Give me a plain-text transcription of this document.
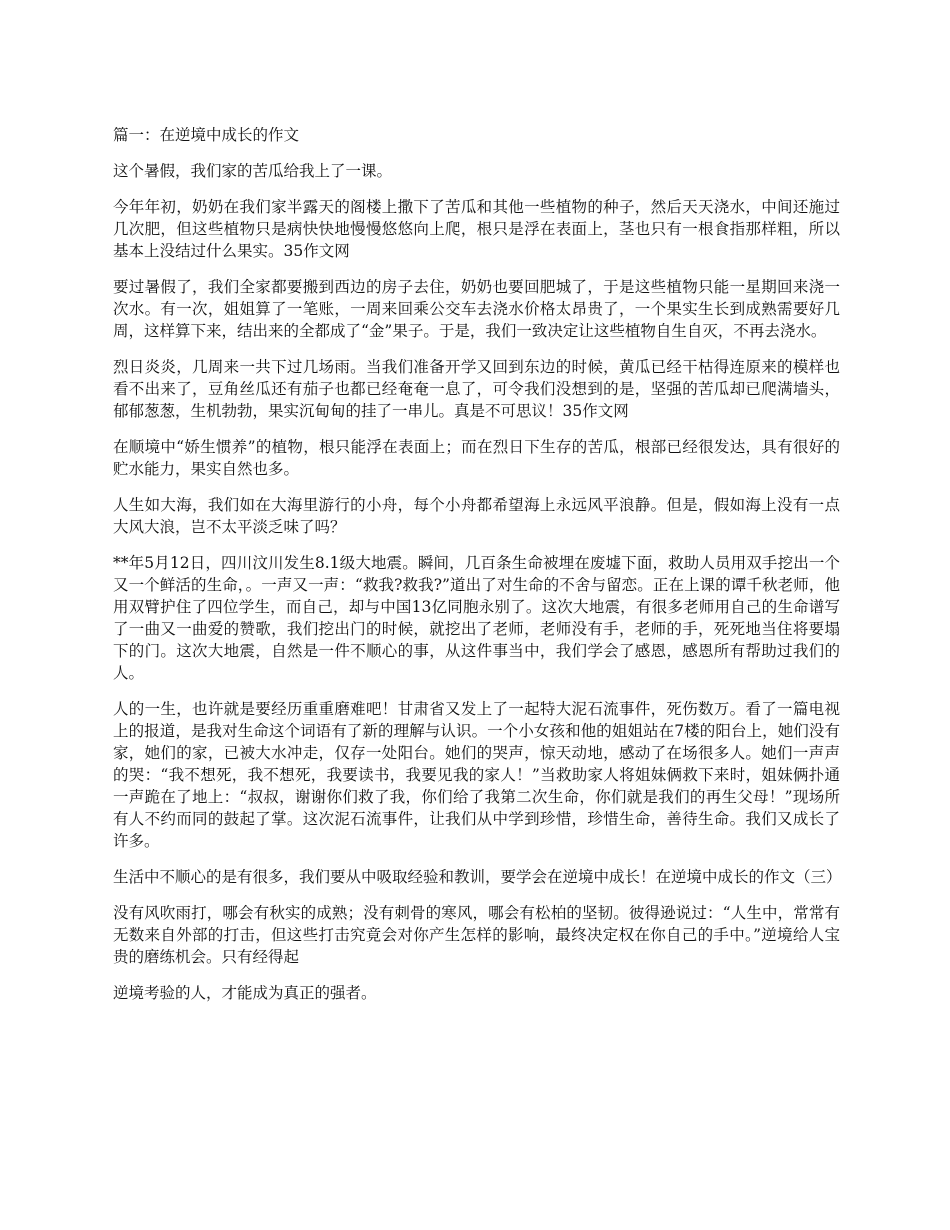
篇一：在逆境中成长的作文

这个暑假，我们家的苦瓜给我上了一课。

今年年初，奶奶在我们家半露天的阁楼上撒下了苦瓜和其他一些植物的种子，然后天天浇水，中间还施过几次肥，但这些植物只是病快快地慢慢悠悠向上爬，根只是浮在表面上，茎也只有一根食指那样粗，所以基本上没结过什么果实。35作文网

要过暑假了，我们全家都要搬到西边的房子去住，奶奶也要回肥城了，于是这些植物只能一星期回来浇一次水。有一次，姐姐算了一笔账，一周来回乘公交车去浇水价格太昂贵了，一个果实生长到成熟需要好几周，这样算下来，结出来的全都成了“金”果子。于是，我们一致决定让这些植物自生自灭，不再去浇水。

烈日炎炎，几周来一共下过几场雨。当我们准备开学又回到东边的时候，黄瓜已经干枯得连原来的模样也看不出来了，豆角丝瓜还有茄子也都已经奄奄一息了，可令我们没想到的是，坚强的苦瓜却已爬满墙头，郁郁葱葱，生机勃勃，果实沉甸甸的挂了一串儿。真是不可思议！35作文网

在顺境中“娇生惯养”的植物，根只能浮在表面上；而在烈日下生存的苦瓜，根部已经很发达，具有很好的贮水能力，果实自然也多。

人生如大海，我们如在大海里游行的小舟，每个小舟都希望海上永远风平浪静。但是，假如海上没有一点大风大浪，岂不太平淡乏味了吗？

**年5月12日，四川汶川发生8.1级大地震。瞬间，几百条生命被埋在废墟下面，救助人员用双手挖出一个又一个鲜活的生命，。一声又一声：“救我?救我?”道出了对生命的不舍与留恋。正在上课的谭千秋老师，他用双臂护住了四位学生，而自己，却与中国13亿同胞永别了。这次大地震，有很多老师用自己的生命谱写了一曲又一曲爱的赞歌，我们挖出门的时候，就挖出了老师，老师没有手，老师的手，死死地当住将要塌下的门。这次大地震，自然是一件不顺心的事，从这件事当中，我们学会了感恩，感恩所有帮助过我们的人。

人的一生，也许就是要经历重重磨难吧！甘肃省又发上了一起特大泥石流事件，死伤数万。看了一篇电视上的报道，是我对生命这个词语有了新的理解与认识。一个小女孩和他的姐姐站在7楼的阳台上，她们没有家，她们的家，已被大水冲走，仅存一处阳台。她们的哭声，惊天动地，感动了在场很多人。她们一声声的哭：“我不想死，我不想死，我要读书，我要见我的家人！”当救助家人将姐妹俩救下来时，姐妹俩扑通一声跪在了地上：“叔叔，谢谢你们救了我，你们给了我第二次生命，你们就是我们的再生父母！”现场所有人不约而同的鼓起了掌。这次泥石流事件，让我们从中学到珍惜，珍惜生命，善待生命。我们又成长了许多。

生活中不顺心的是有很多，我们要从中吸取经验和教训，要学会在逆境中成长！在逆境中成长的作文（三）

没有风吹雨打，哪会有秋实的成熟；没有刺骨的寒风，哪会有松柏的坚韧。彼得逊说过：“人生中，常常有无数来自外部的打击，但这些打击究竟会对你产生怎样的影响，最终决定权在你自己的手中。”逆境给人宝贵的磨练机会。只有经得起

逆境考验的人，才能成为真正的强者。
